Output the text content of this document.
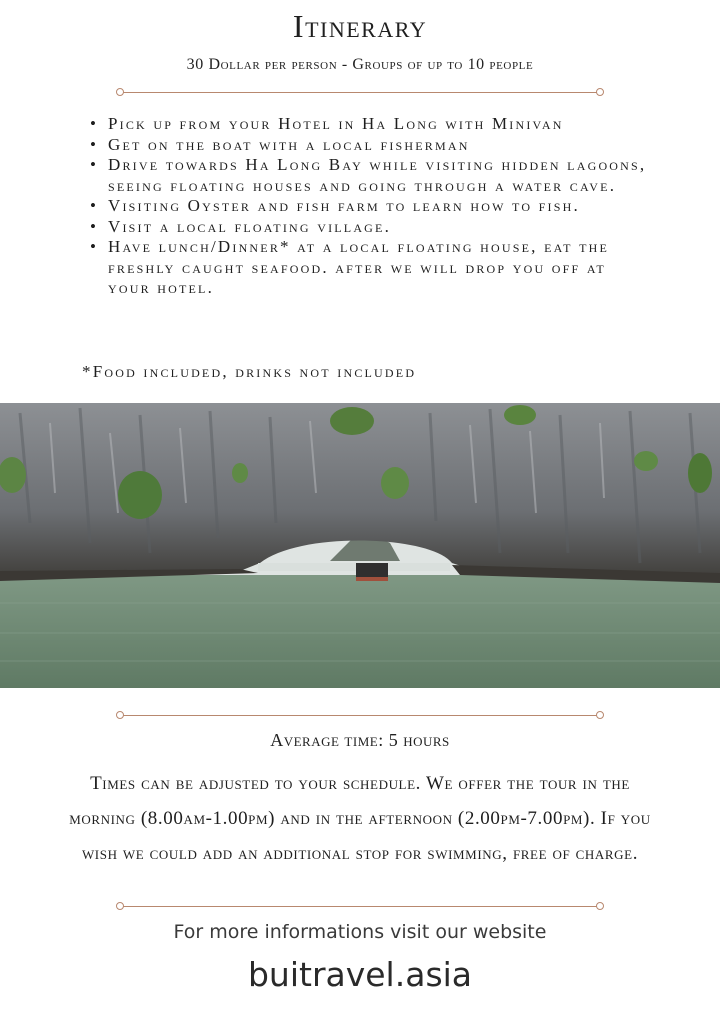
Itinerary
30 Dollar per person - Groups of up to 10 people
• Pick up from your Hotel in Ha Long with Minivan
• Get on the boat with a local fisherman
• Drive towards Ha Long Bay while visiting hidden lagoons, seeing floating houses and going through a water cave.
• Visiting Oyster and fish farm to learn how to fish.
• Visit a local floating village.
• Have lunch/Dinner* at a local floating house, eat the freshly caught seafood. after we will drop you off at your hotel.
*Food included, drinks not included
Average time: 5 hours
Times can be adjusted to your schedule. We offer the tour in the morning (8.00am-1.00pm) and in the afternoon (2.00pm-7.00pm). If you wish we could add an additional stop for swimming, free of charge.
For more informations visit our website
buitravel.asia
